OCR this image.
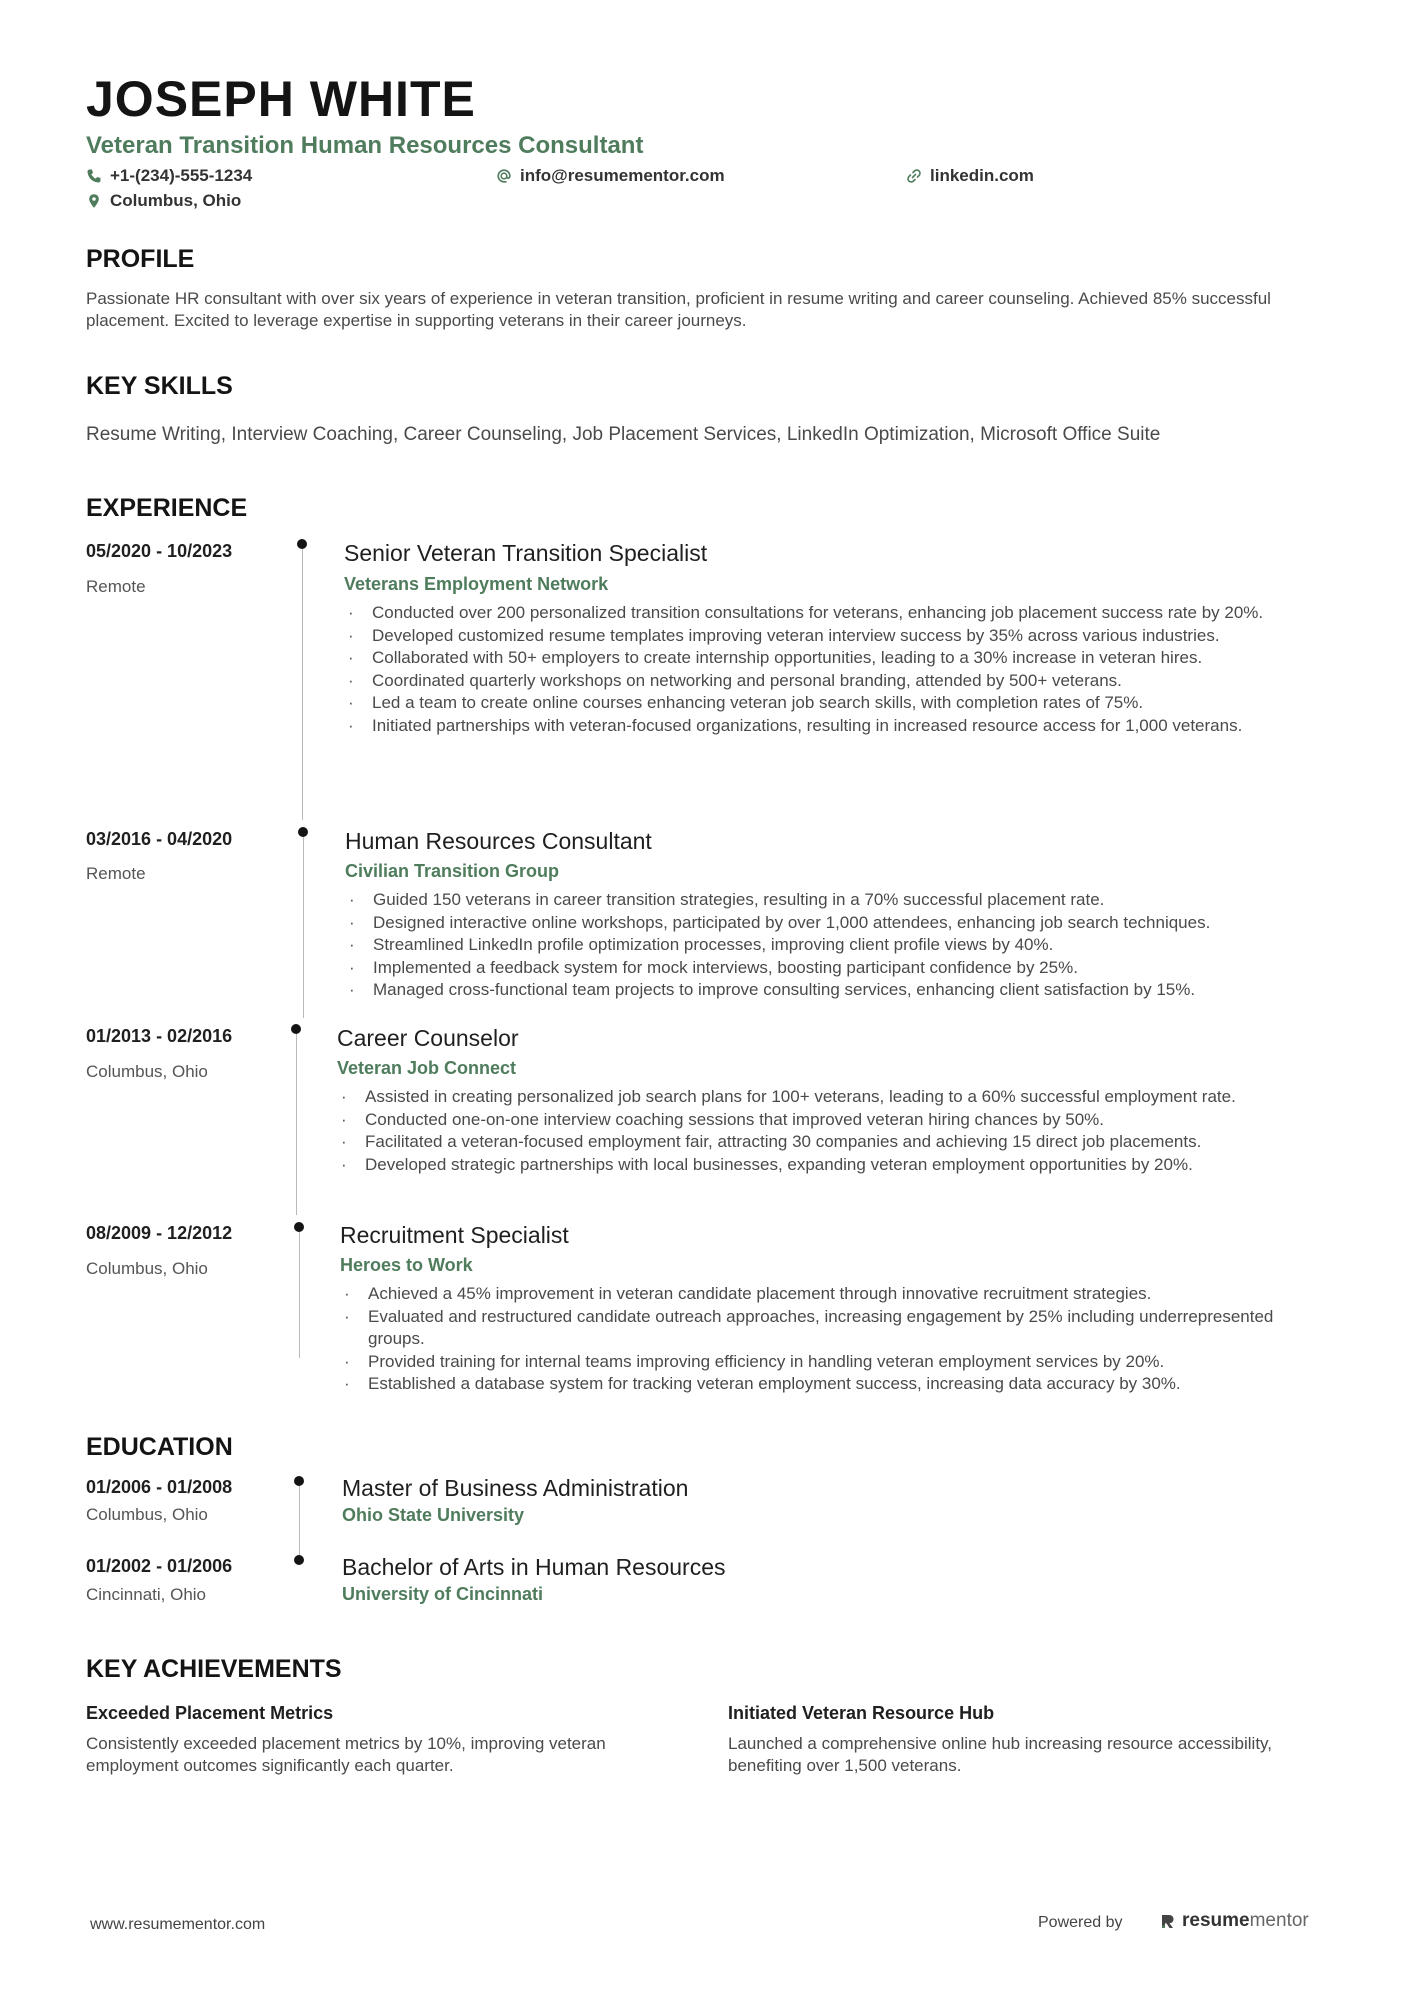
JOSEPH WHITE
Veteran Transition Human Resources Consultant
+1-(234)-555-1234	info@resumementor.com	linkedin.com
Columbus, Ohio
PROFILE
Passionate HR consultant with over six years of experience in veteran transition, proficient in resume writing and career counseling. Achieved 85% successful placement. Excited to leverage expertise in supporting veterans in their career journeys.
KEY SKILLS
Resume Writing, Interview Coaching, Career Counseling, Job Placement Services, LinkedIn Optimization, Microsoft Office Suite
EXPERIENCE
05/2020 - 10/2023
Remote
Senior Veteran Transition Specialist
Veterans Employment Network
· Conducted over 200 personalized transition consultations for veterans, enhancing job placement success rate by 20%.
· Developed customized resume templates improving veteran interview success by 35% across various industries.
· Collaborated with 50+ employers to create internship opportunities, leading to a 30% increase in veteran hires.
· Coordinated quarterly workshops on networking and personal branding, attended by 500+ veterans.
· Led a team to create online courses enhancing veteran job search skills, with completion rates of 75%.
· Initiated partnerships with veteran-focused organizations, resulting in increased resource access for 1,000 veterans.
03/2016 - 04/2020
Remote
Human Resources Consultant
Civilian Transition Group
· Guided 150 veterans in career transition strategies, resulting in a 70% successful placement rate.
· Designed interactive online workshops, participated by over 1,000 attendees, enhancing job search techniques.
· Streamlined LinkedIn profile optimization processes, improving client profile views by 40%.
· Implemented a feedback system for mock interviews, boosting participant confidence by 25%.
· Managed cross-functional team projects to improve consulting services, enhancing client satisfaction by 15%.
01/2013 - 02/2016
Columbus, Ohio
Career Counselor
Veteran Job Connect
· Assisted in creating personalized job search plans for 100+ veterans, leading to a 60% successful employment rate.
· Conducted one-on-one interview coaching sessions that improved veteran hiring chances by 50%.
· Facilitated a veteran-focused employment fair, attracting 30 companies and achieving 15 direct job placements.
· Developed strategic partnerships with local businesses, expanding veteran employment opportunities by 20%.
08/2009 - 12/2012
Columbus, Ohio
Recruitment Specialist
Heroes to Work
· Achieved a 45% improvement in veteran candidate placement through innovative recruitment strategies.
· Evaluated and restructured candidate outreach approaches, increasing engagement by 25% including underrepresented groups.
· Provided training for internal teams improving efficiency in handling veteran employment services by 20%.
· Established a database system for tracking veteran employment success, increasing data accuracy by 30%.
EDUCATION
01/2006 - 01/2008
Columbus, Ohio
Master of Business Administration
Ohio State University
01/2002 - 01/2006
Cincinnati, Ohio
Bachelor of Arts in Human Resources
University of Cincinnati
KEY ACHIEVEMENTS
Exceeded Placement Metrics
Consistently exceeded placement metrics by 10%, improving veteran employment outcomes significantly each quarter.
Initiated Veteran Resource Hub
Launched a comprehensive online hub increasing resource accessibility, benefiting over 1,500 veterans.
www.resumementor.com	Powered by	resumementor
